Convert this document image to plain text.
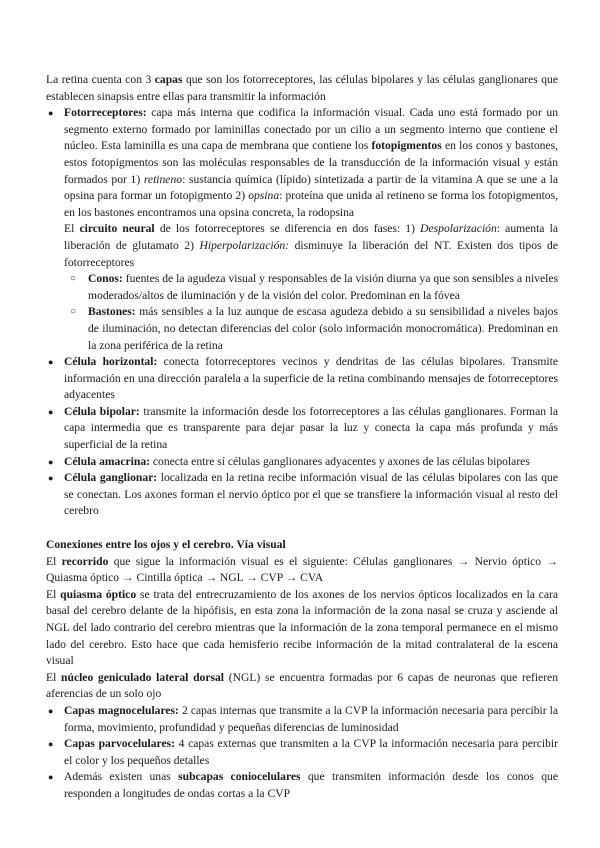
La retina cuenta con 3 capas que son los fotorreceptores, las células bipolares y las células ganglionares que establecen sinapsis entre ellas para transmitir la información

● Fotorreceptores: capa más interna que codifica la información visual. Cada uno está formado por un segmento externo formado por laminillas conectado por un cilio a un segmento interno que contiene el núcleo. Esta laminilla es una capa de membrana que contiene los fotopigmentos en los conos y bastones, estos fotopigmentos son las moléculas responsables de la transducción de la información visual y están formados por 1) retineno: sustancia química (lípido) sintetizada a partir de la vitamina A que se une a la opsina para formar un fotopigmento 2) opsina: proteína que unida al retineno se forma los fotopigmentos, en los bastones encontramos una opsina concreta, la rodopsina

El circuito neural de los fotorreceptores se diferencia en dos fases: 1) Despolarización: aumenta la liberación de glutamato 2) Hiperpolarización: disminuye la liberación del NT. Existen dos tipos de fotorreceptores

○ Conos: fuentes de la agudeza visual y responsables de la visión diurna ya que son sensibles a niveles moderados/altos de iluminación y de la visión del color. Predominan en la fóvea
○ Bastones: más sensibles a la luz aunque de escasa agudeza debido a su sensibilidad a niveles bajos de iluminación, no detectan diferencias del color (solo información monocromática). Predominan en la zona periférica de la retina
● Célula horizontal: conecta fotorreceptores vecinos y dendritas de las células bipolares. Transmite información en una dirección paralela a la superficie de la retina combinando mensajes de fotorreceptores adyacentes
● Célula bipolar: transmite la información desde los fotorreceptores a las células ganglionares. Forman la capa intermedia que es transparente para dejar pasar la luz y conecta la capa más profunda y más superficial de la retina
● Célula amacrina: conecta entre sí células ganglionares adyacentes y axones de las células bipolares
● Célula ganglionar: localizada en la retina recibe información visual de las células bipolares con las que se conectan. Los axones forman el nervio óptico por el que se transfiere la información visual al resto del cerebro

Conexiones entre los ojos y el cerebro. Vía visual

El recorrido que sigue la información visual es el siguiente: Células ganglionares → Nervio óptico → Quiasma óptico → Cintilla óptica → NGL → CVP → CVA

El quiasma óptico se trata del entrecruzamiento de los axones de los nervios ópticos localizados en la cara basal del cerebro delante de la hipófisis, en esta zona la información de la zona nasal se cruza y asciende al NGL del lado contrario del cerebro mientras que la información de la zona temporal permanece en el mismo lado del cerebro. Esto hace que cada hemisferio recibe información de la mitad contralateral de la escena visual

El núcleo geniculado lateral dorsal (NGL) se encuentra formadas por 6 capas de neuronas que refieren aferencias de un solo ojo

● Capas magnocelulares: 2 capas internas que transmite a la CVP la información necesaria para percibir la forma, movimiento, profundidad y pequeñas diferencias de luminosidad
● Capas parvocelulares: 4 capas externas que transmiten a la CVP la información necesaria para percibir el color y los pequeños detalles
● Además existen unas subcapas coniocelulares que transmiten información desde los conos que responden a longitudes de ondas cortas a la CVP
